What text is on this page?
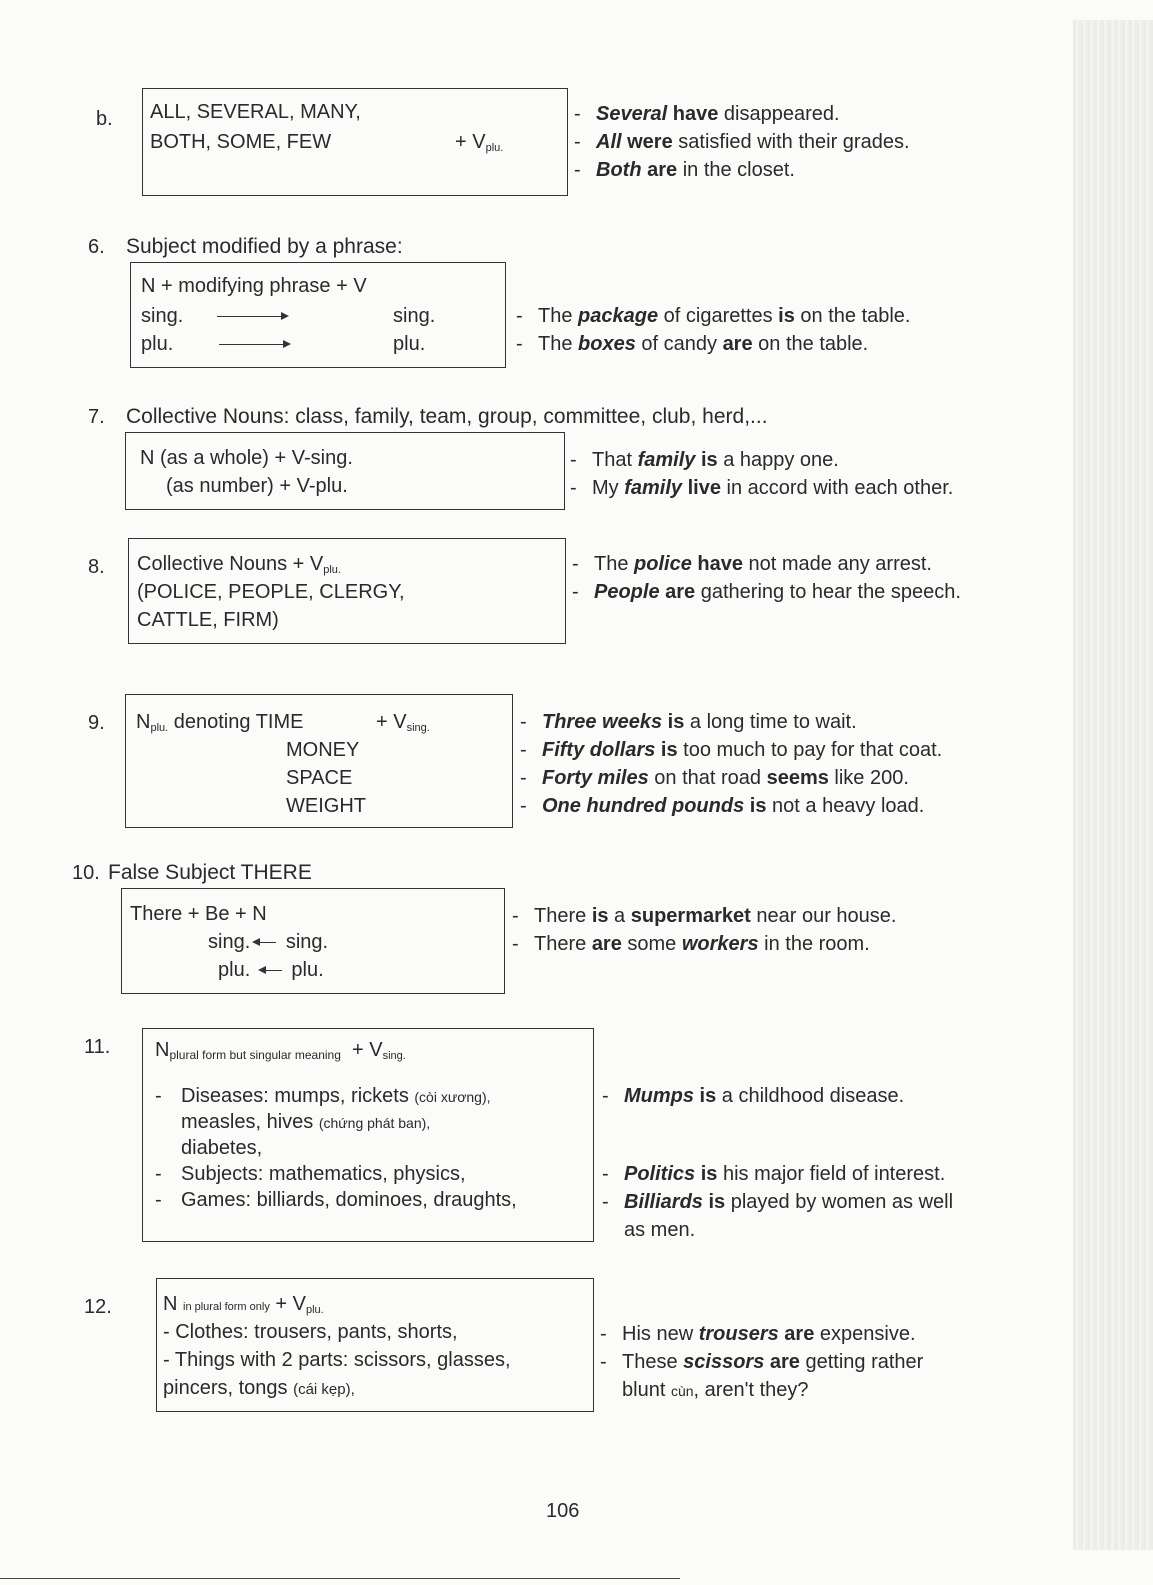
b. ALL, SEVERAL, MANY,
BOTH, SOME, FEW	+ $V_{plu.}$
- Several have disappeared.
- All were satisfied with their grades.
- Both are in the closet.
6. Subject modified by a phrase:
N + modifying phrase + V
sing.	sing.
plu.	plu.
- The package of cigarettes is on the table.
- The boxes of candy are on the table.
7. Collective Nouns: class, family, team, group, committee, club, herd,...
N (as a whole) + V-sing.
(as number) + V-plu.
- That family is a happy one.
- My family live in accord with each other.
8. Collective Nouns + $V_{plu.}$
(POLICE, PEOPLE, CLERGY,
CATTLE, FIRM)
- The police have not made any arrest.
- People are gathering to hear the speech.
9. $N_{plu.}$ denoting TIME	+ $V_{sing.}$
MONEY
SPACE
WEIGHT
- Three weeks is a long time to wait.
- Fifty dollars is too much to pay for that coat.
- Forty miles on that road seems like 200.
- One hundred pounds is not a heavy load.
10. False Subject THERE
There + Be + N
sing. sing.
plu. plu.
- There is a supermarket near our house.
- There are some workers in the room.
11. $N_{plural form but singular meaning} + V_{sing.}$
- Diseases: mumps, rickets (còi xương),
measles, hives (chứng phát ban),
diabetes,
- Subjects: mathematics, physics,
- Games: billiards, dominoes, draughts,
- Mumps is a childhood disease.
- Politics is his major field of interest.
- Billiards is played by women as well
as men.
12.	N in plural form only + $V_{plu.}$
- Clothes: trousers, pants, shorts,
- Things with 2 parts: scissors, glasses,
pincers, tongs (cái kẹp),
- His new trousers are expensive.
- These scissors are getting rather
blunt cùn, aren't they?
106
